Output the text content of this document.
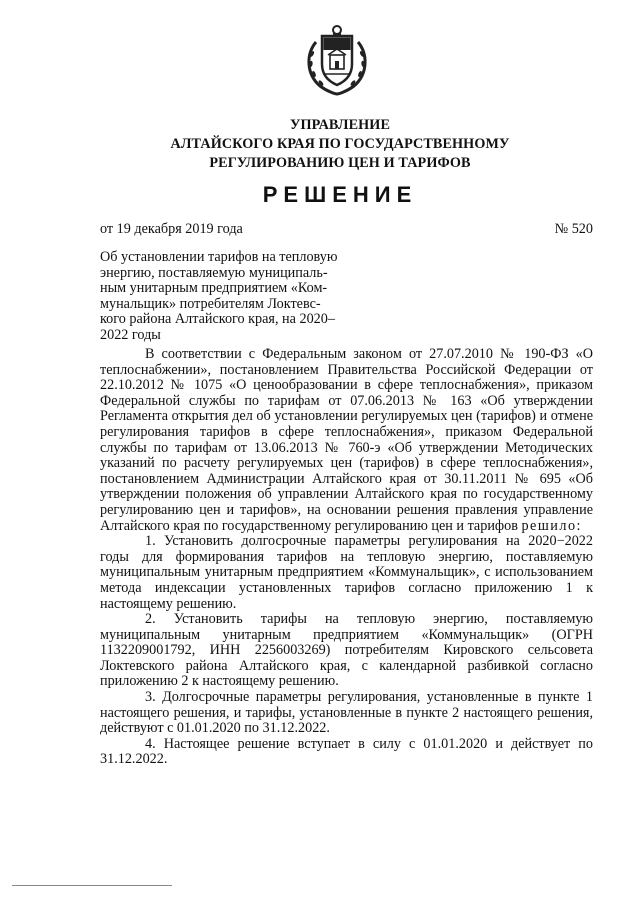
УПРАВЛЕНИЕ
АЛТАЙСКОГО КРАЯ ПО ГОСУДАРСТВЕННОМУ
РЕГУЛИРОВАНИЮ ЦЕН И ТАРИФОВ
РЕШЕНИЕ
от 19 декабря 2019 года	№ 520
Об установлении тарифов на тепловую
энергию, поставляемую муниципаль-
ным унитарным предприятием «Ком-
мунальщик» потребителям Локтевс-
кого района Алтайского края, на 2020–
2022 годы

В соответствии с Федеральным законом от 27.07.2010 № 190-ФЗ «О теплоснабжении», постановлением Правительства Российской Федерации от 22.10.2012 № 1075 «О ценообразовании в сфере теплоснабжения», приказом Федеральной службы по тарифам от 07.06.2013 № 163 «Об утверждении Регламента открытия дел об установлении регулируемых цен (тарифов) и отмене регулирования тарифов в сфере теплоснабжения», приказом Федеральной службы по тарифам от 13.06.2013 № 760-э «Об утверждении Методических указаний по расчету регулируемых цен (тарифов) в сфере теплоснабжения», постановлением Администрации Алтайского края от 30.11.2011 № 695 «Об утверждении положения об управлении Алтайского края по государственному регулированию цен и тарифов», на основании решения правления управление Алтайского края по государственному регулированию цен и тарифов решило:

1. Установить долгосрочные параметры регулирования на 2020−2022 годы для формирования тарифов на тепловую энергию, поставляемую муниципальным унитарным предприятием «Коммунальщик», с использованием метода индексации установленных тарифов согласно приложению 1 к настоящему решению.

2. Установить тарифы на тепловую энергию, поставляемую муниципальным унитарным предприятием «Коммунальщик» (ОГРН 1132209001792, ИНН 2256003269) потребителям Кировского сельсовета Локтевского района Алтайского края, с календарной разбивкой согласно приложению 2 к настоящему решению.

3. Долгосрочные параметры регулирования, установленные в пункте 1 настоящего решения, и тарифы, установленные в пункте 2 настоящего решения, действуют с 01.01.2020 по 31.12.2022.

4. Настоящее решение вступает в силу с 01.01.2020 и действует по 31.12.2022.
